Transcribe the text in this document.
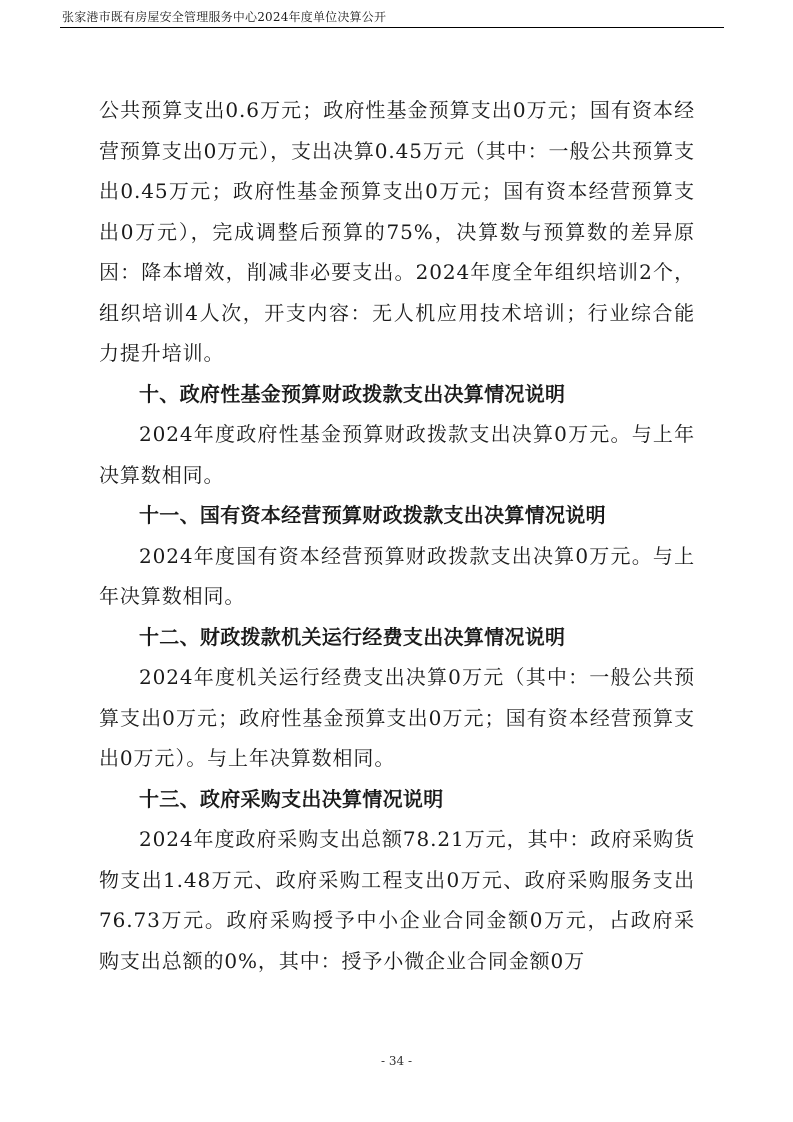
张家港市既有房屋安全管理服务中心2024年度单位决算公开

公共预算支出0.6万元；政府性基金预算支出0万元；国有资本经营预算支出0万元），支出决算0.45万元（其中：一般公共预算支出0.45万元；政府性基金预算支出0万元；国有资本经营预算支出0万元），完成调整后预算的75%，决算数与预算数的差异原因：降本增效，削减非必要支出。2024年度全年组织培训2个，组织培训4人次，开支内容：无人机应用技术培训；行业综合能力提升培训。

十、政府性基金预算财政拨款支出决算情况说明

2024年度政府性基金预算财政拨款支出决算0万元。与上年决算数相同。

十一、国有资本经营预算财政拨款支出决算情况说明

2024年度国有资本经营预算财政拨款支出决算0万元。与上年决算数相同。

十二、财政拨款机关运行经费支出决算情况说明

2024年度机关运行经费支出决算0万元（其中：一般公共预算支出0万元；政府性基金预算支出0万元；国有资本经营预算支出0万元）。与上年决算数相同。

十三、政府采购支出决算情况说明

2024年度政府采购支出总额78.21万元，其中：政府采购货物支出1.48万元、政府采购工程支出0万元、政府采购服务支出76.73万元。政府采购授予中小企业合同金额0万元，占政府采购支出总额的0%，其中：授予小微企业合同金额0万

- 34 -
